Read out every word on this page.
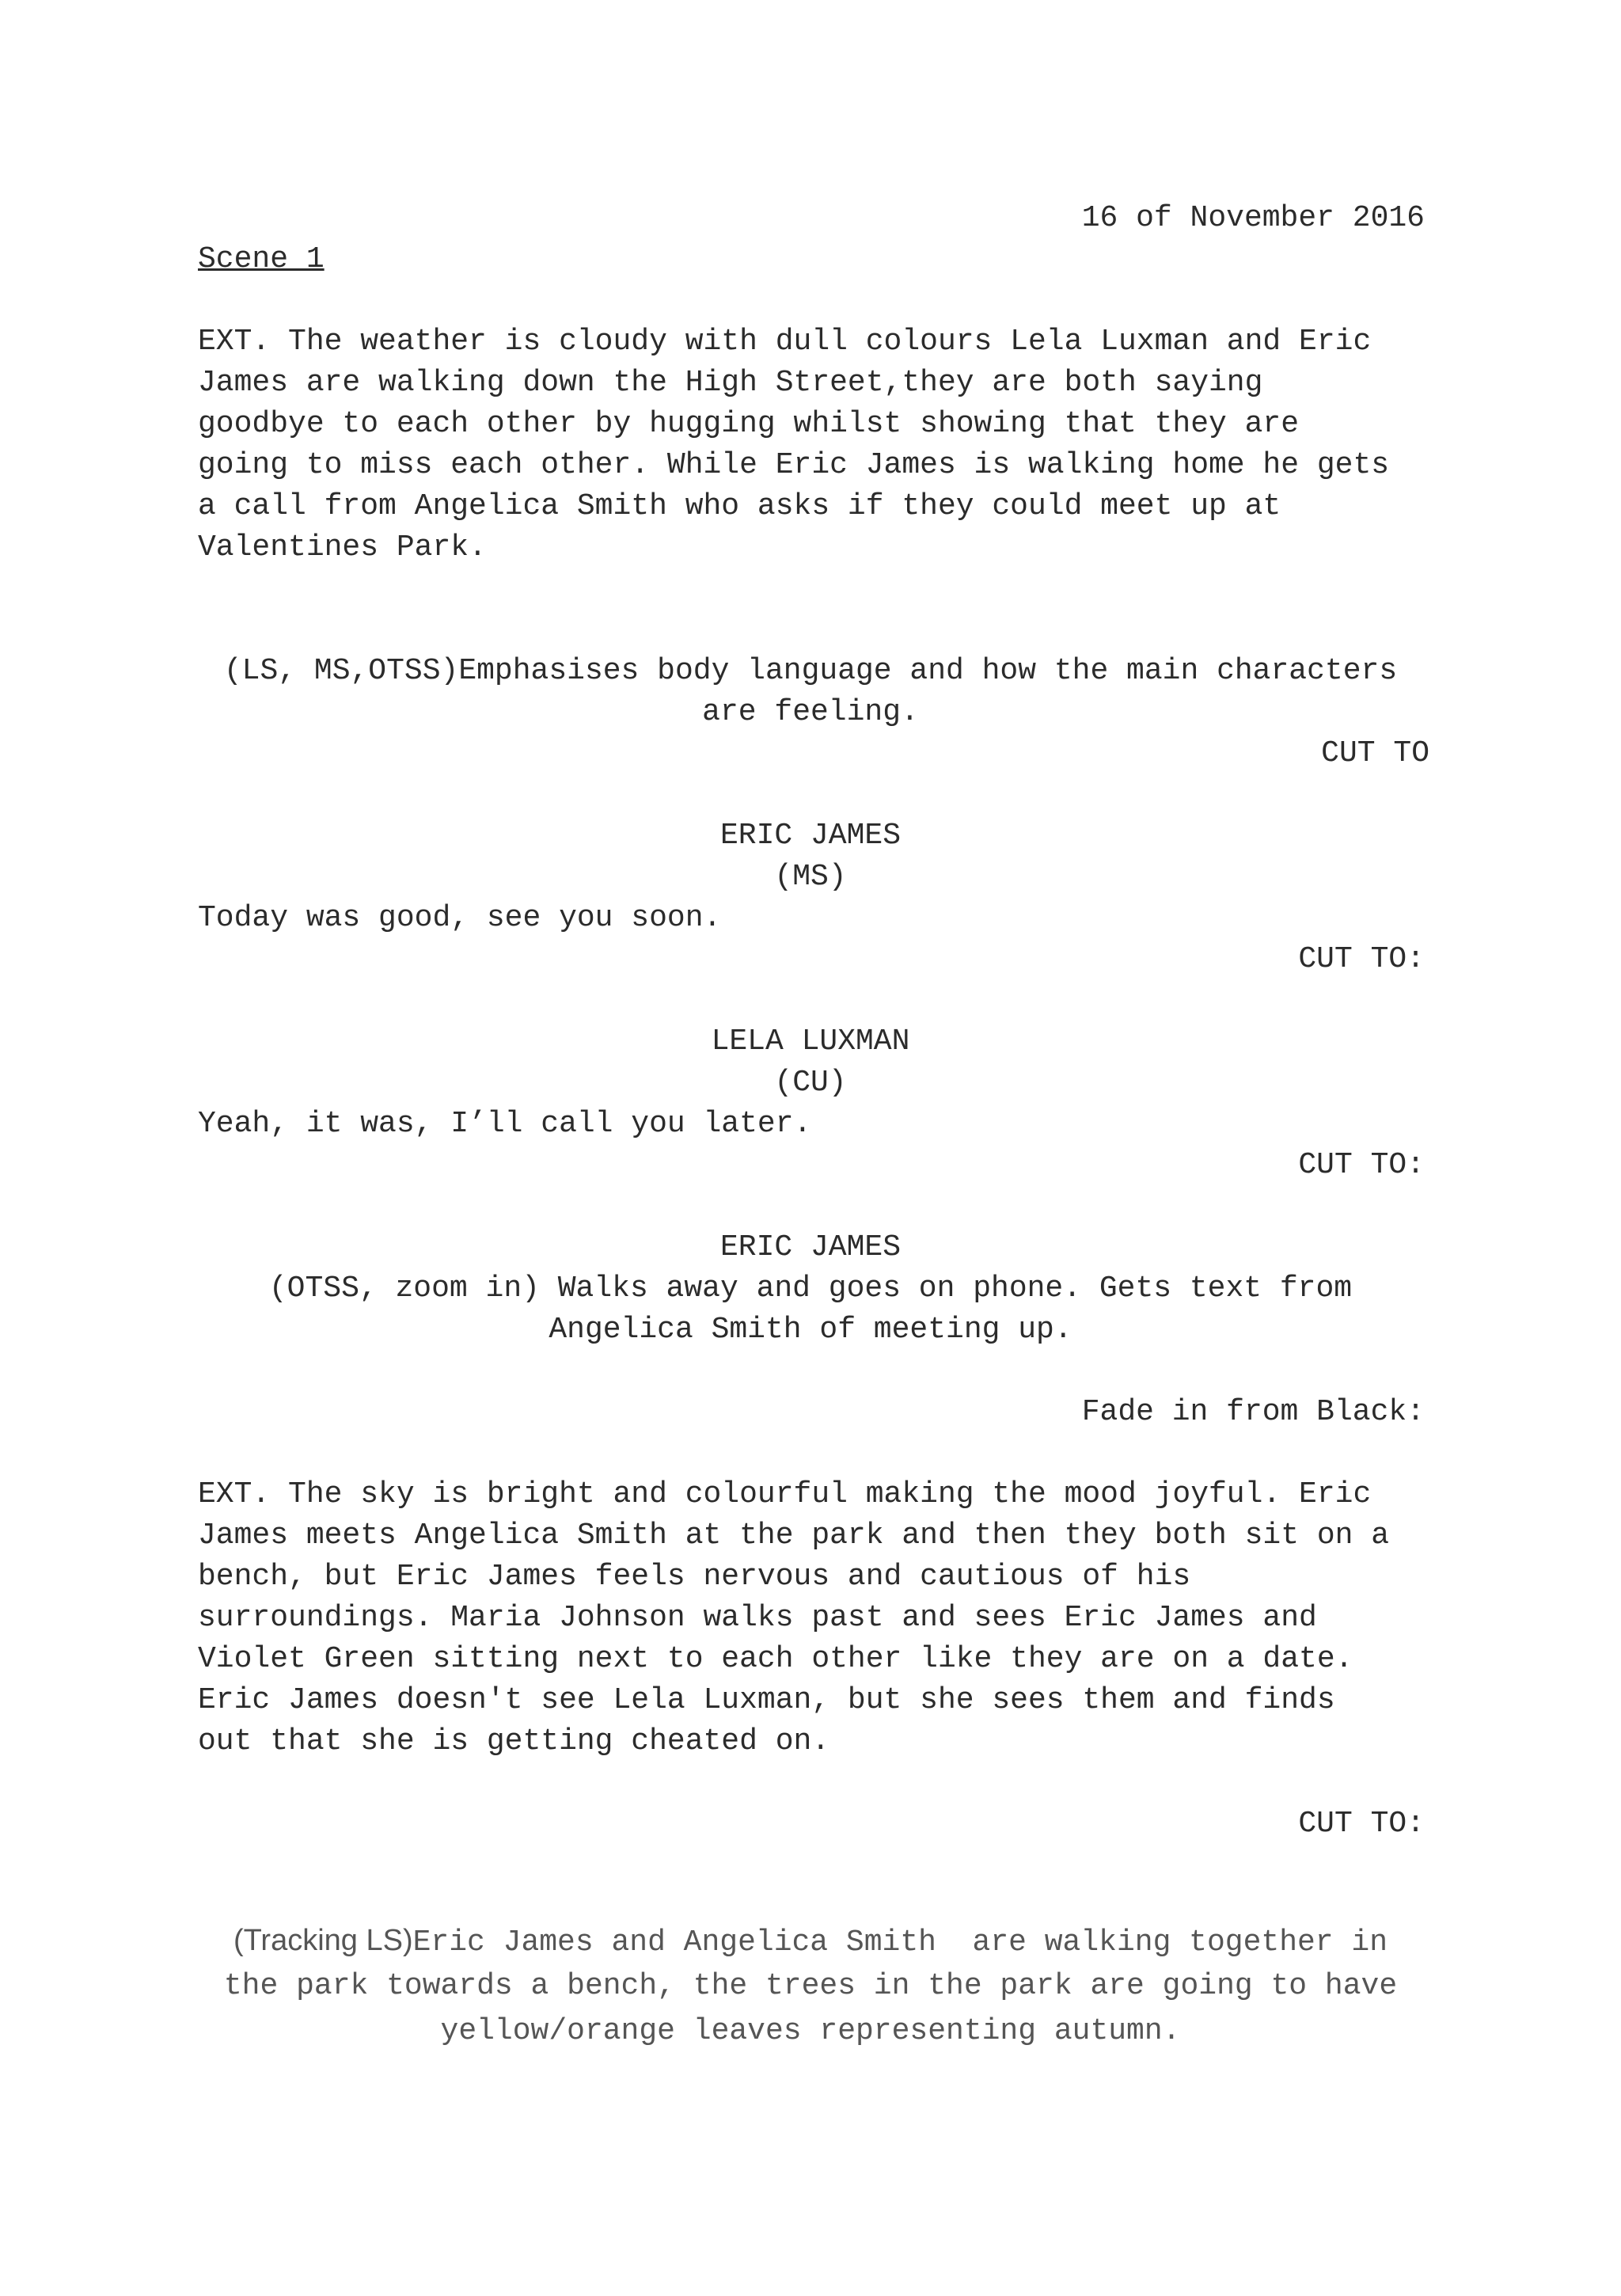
16 of November 2016
Scene 1
EXT. The weather is cloudy with dull colours Lela Luxman and Eric
James are walking down the High Street,they are both saying
goodbye to each other by hugging whilst showing that they are
going to miss each other. While Eric James is walking home he gets
a call from Angelica Smith who asks if they could meet up at
Valentines Park.
(LS, MS,OTSS)Emphasises body language and how the main characters
are feeling.
CUT TO
ERIC JAMES
(MS)
Today was good, see you soon.
CUT TO:
LELA LUXMAN
(CU)
Yeah, it was, I’ll call you later.
CUT TO:
ERIC JAMES
(OTSS, zoom in) Walks away and goes on phone. Gets text from
Angelica Smith of meeting up.
Fade in from Black:
EXT. The sky is bright and colourful making the mood joyful. Eric
James meets Angelica Smith at the park and then they both sit on a
bench, but Eric James feels nervous and cautious of his
surroundings. Maria Johnson walks past and sees Eric James and
Violet Green sitting next to each other like they are on a date.
Eric James doesn't see Lela Luxman, but she sees them and finds
out that she is getting cheated on.
CUT TO:
(Tracking LS)Eric James and Angelica Smith  are walking together in
the park towards a bench, the trees in the park are going to have
yellow/orange leaves representing autumn.
